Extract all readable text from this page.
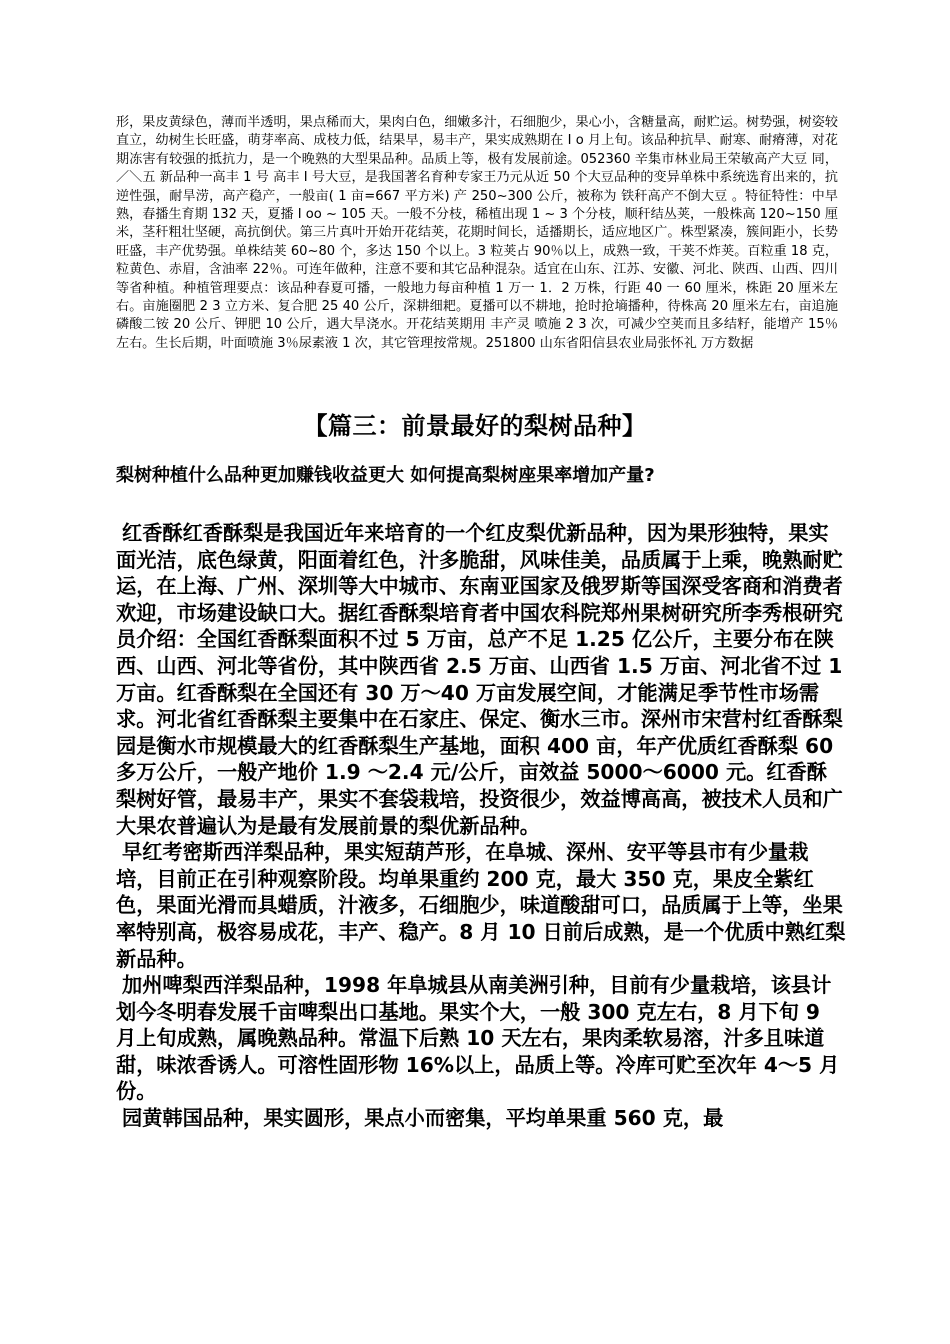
形，果皮黄绿色，薄而半透明，果点稀而大，果肉白色，细嫩多汁，石细胞少，果心小，含糖量高，耐贮运。树势强，树姿较直立，幼树生长旺盛，萌芽率高、成枝力低，结果早，易丰产，果实成熟期在 I o 月上旬。该品种抗旱、耐寒、耐瘠薄，对花期冻害有较强的抵抗力，是一个晚熟的大型果品种。品质上等，极有发展前途。052360 辛集市林业局王荣敏高产大豆 同，／＼五 新品种一高丰 1 号 高丰 I 号大豆，是我国著名育种专家王乃元从近 50 个大豆品种的变异单株中系统选育出来的，抗逆性强，耐旱涝，高产稳产，一般亩( 1 亩=667 平方米) 产 250~300 公斤，被称为 铁秆高产不倒大豆 。特征特性：中早熟，春播生育期 132 天，夏播 I oo ~ 105 天。一般不分枝，稀植出现 1 ~ 3 个分枝，顺秆结丛荚，一般株高 120~150 厘米，茎秆粗壮坚硬，高抗倒伏。第三片真叶开始开花结荚，花期时间长，适播期长，适应地区广。株型紧凑，簇间距小，长势旺盛，丰产优势强。单株结荚 60~80 个，多达 150 个以上。3 粒荚占 90％以上，成熟一致，干荚不炸荚。百粒重 18 克，粒黄色、赤眉，含油率 22％。可连年做种，注意不要和其它品种混杂。适宜在山东、江苏、安徽、河北、陕西、山西、四川等省种植。种植管理要点：该品种春夏可播，一般地力每亩种植 1 万一 1．2 万株，行距 40 一 60 厘米，株距 20 厘米左右。亩施圈肥 2 3 立方米、复合肥 25 40 公斤，深耕细耙。夏播可以不耕地，抢时抢墒播种，待株高 20 厘米左右，亩追施磷酸二铵 20 公斤、钾肥 10 公斤，遇大旱浇水。开花结荚期用 丰产灵 喷施 2 3 次，可减少空荚而且多结籽，能增产 15％左右。生长后期，叶面喷施 3％尿素液 1 次，其它管理按常规。251800 山东省阳信县农业局张怀礼 万方数据

【篇三：前景最好的梨树品种】
梨树种植什么品种更加赚钱收益更大 如何提高梨树座果率增加产量?

红香酥红香酥梨是我国近年来培育的一个红皮梨优新品种，因为果形独特，果实面光洁，底色绿黄，阳面着红色，汁多脆甜，风味佳美，品质属于上乘，晚熟耐贮运，在上海、广州、深圳等大中城市、东南亚国家及俄罗斯等国深受客商和消费者欢迎，市场建设缺口大。据红香酥梨培育者中国农科院郑州果树研究所李秀根研究员介绍：全国红香酥梨面积不过 5 万亩，总产不足 1.25 亿公斤，主要分布在陕西、山西、河北等省份，其中陕西省 2.5 万亩、山西省 1.5 万亩、河北省不过 1 万亩。红香酥梨在全国还有 30 万～40 万亩发展空间，才能满足季节性市场需求。河北省红香酥梨主要集中在石家庄、保定、衡水三市。深州市宋营村红香酥梨园是衡水市规模最大的红香酥梨生产基地，面积 400 亩，年产优质红香酥梨 60 多万公斤，一般产地价 1.9 ～2.4 元/公斤，亩效益 5000～6000 元。红香酥梨树好管，最易丰产，果实不套袋栽培，投资很少，效益博高高，被技术人员和广大果农普遍认为是最有发展前景的梨优新品种。

早红考密斯西洋梨品种，果实短葫芦形，在阜城、深州、安平等县市有少量栽培，目前正在引种观察阶段。均单果重约 200 克，最大 350 克，果皮全紫红色，果面光滑而具蜡质，汁液多，石细胞少，味道酸甜可口，品质属于上等，坐果率特别高，极容易成花，丰产、稳产。8 月 10 日前后成熟，是一个优质中熟红梨新品种。

加州啤梨西洋梨品种，1998 年阜城县从南美洲引种，目前有少量栽培，该县计划今冬明春发展千亩啤梨出口基地。果实个大，一般 300 克左右，8 月下旬 9 月上旬成熟，属晚熟品种。常温下后熟 10 天左右，果肉柔软易溶，汁多且味道甜，味浓香诱人。可溶性固形物 16%以上，品质上等。冷库可贮至次年 4～5 月份。

园黄韩国品种，果实圆形，果点小而密集，平均单果重 560 克，最
